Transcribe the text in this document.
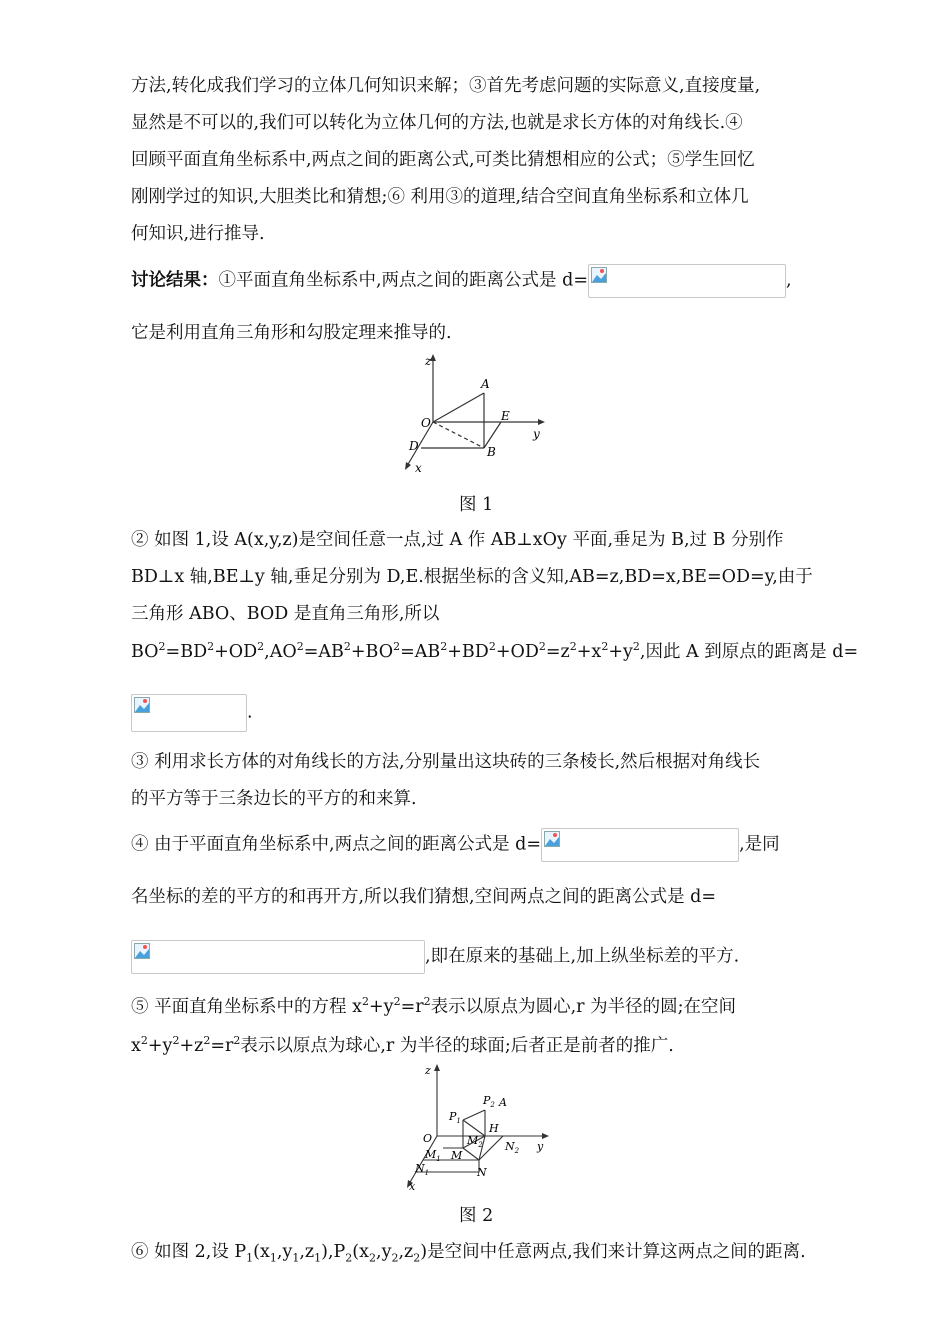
方法,转化成我们学习的立体几何知识来解；③首先考虑问题的实际意义,直接度量,
显然是不可以的,我们可以转化为立体几何的方法,也就是求长方体的对角线长.④
回顾平面直角坐标系中,两点之间的距离公式,可类比猜想相应的公式；⑤学生回忆
刚刚学过的知识,大胆类比和猜想;⑥ 利用③的道理,结合空间直角坐标系和立体几
何知识,进行推导.
讨论结果：①平面直角坐标系中,两点之间的距离公式是 d=	,
它是利用直角三角形和勾股定理来推导的.
z
y
x
O
A
B
D
E
图 1
② 如图 1,设 A(x,y,z)是空间任意一点,过 A 作 AB⊥xOy 平面,垂足为 B,过 B 分别作
BD⊥x 轴,BE⊥y 轴,垂足分别为 D,E.根据坐标的含义知,AB=z,BD=x,BE=OD=y,由于
三角形 ABO、BOD 是直角三角形,所以
$BO^2=BD^2+OD^2,AO^2=AB^2+BO^2=AB^2+BD^2+OD^2=z^2+x^2+y^2$,因此 A 到原点的距离是 d=
.
③ 利用求长方体的对角线长的方法,分别量出这块砖的三条棱长,然后根据对角线长
的平方等于三条边长的平方的和来算.
④ 由于平面直角坐标系中,两点之间的距离公式是 d=	,是同
名坐标的差的平方的和再开方,所以我们猜想,空间两点之间的距离公式是 d=
,即在原来的基础上,加上纵坐标差的平方.
⑤ 平面直角坐标系中的方程 $x^2+y^2=r^2$表示以原点为圆心,r 为半径的圆;在空间
$x^2+y^2+z^2=r^2$表示以原点为球心,r 为半径的球面;后者正是前者的推广.
z
y
x
O
$P_1$
$P_2$ A
H
$M_1$ M
$M_2$
$N_1$	N
$N_2$
图 2
⑥ 如图 2,设 $P_1(x_1,y_1,z_1),P_2(x_2,y_2,z_2)$是空间中任意两点,我们来计算这两点之间的距离.
